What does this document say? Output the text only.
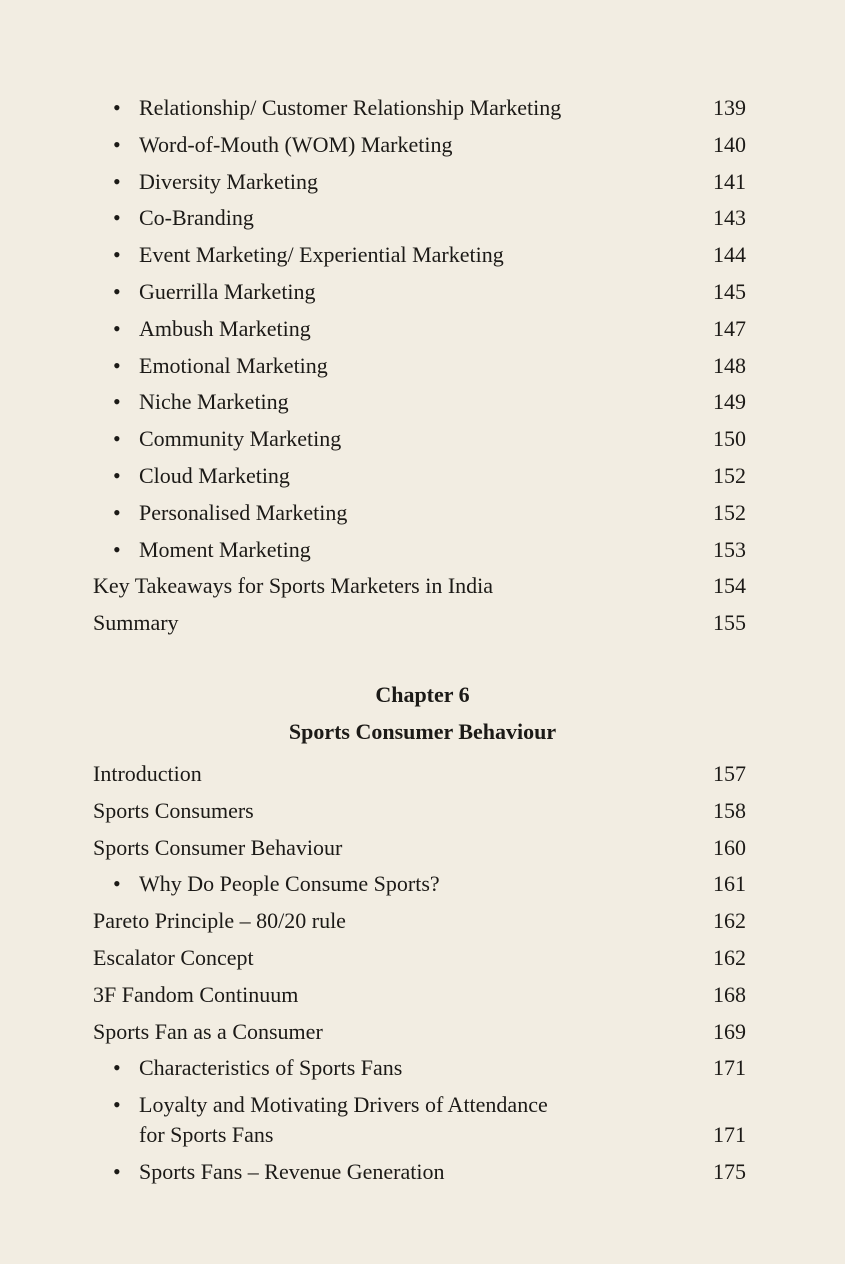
Chapter 6
Sports Consumer Behaviour
• Relationship/ Customer Relationship Marketing	139
• Word-of-Mouth (WOM) Marketing	140
• Diversity Marketing	141
• Co-Branding	143
• Event Marketing/ Experiential Marketing	144
• Guerrilla Marketing	145
• Ambush Marketing	147
• Emotional Marketing	148
• Niche Marketing	149
• Community Marketing	150
• Cloud Marketing	152
• Personalised Marketing	152
• Moment Marketing	153
Key Takeaways for Sports Marketers in India	154
Summary	155
Introduction	157
Sports Consumers	158
Sports Consumer Behaviour	160
• Why Do People Consume Sports?	161
Pareto Principle – 80/20 rule	162
Escalator Concept	162
3F Fandom Continuum	168
Sports Fan as a Consumer	169
• Characteristics of Sports Fans	171
• Loyalty and Motivating Drivers of Attendance
for Sports Fans	171
• Sports Fans – Revenue Generation	175
